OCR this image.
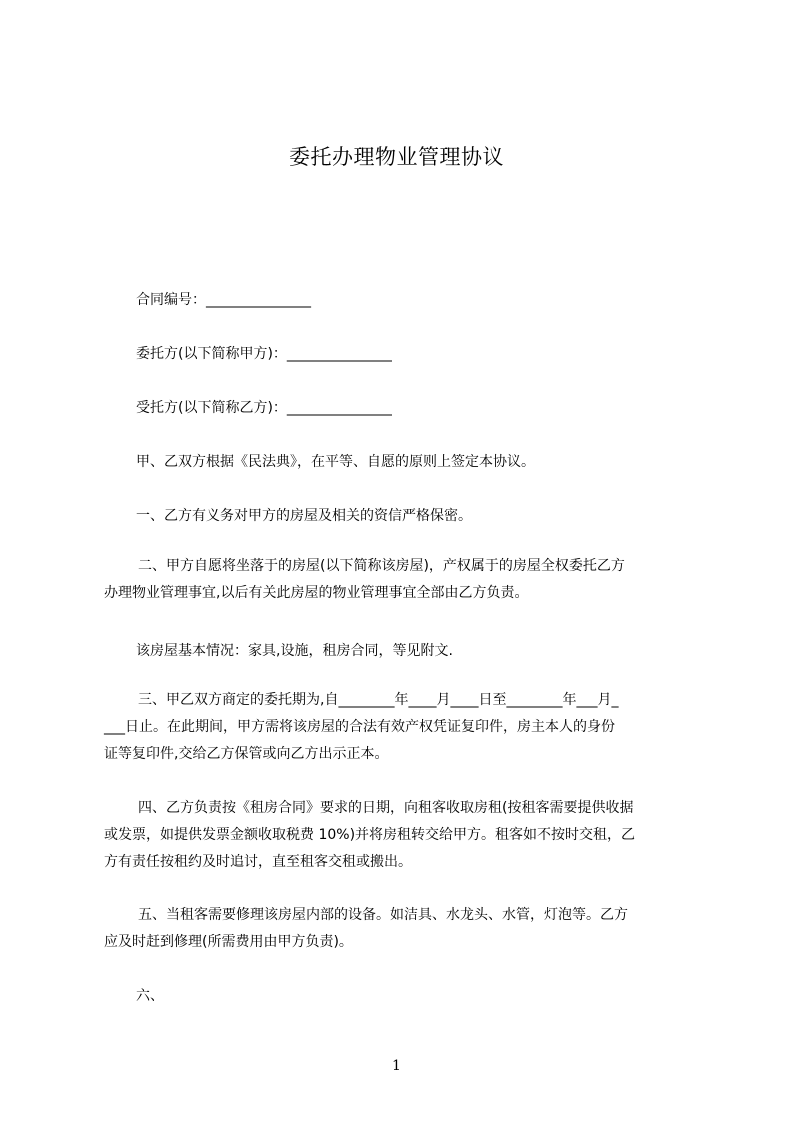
委托办理物业管理协议
合同编号：_______________
委托方(以下简称甲方)：_______________
受托方(以下简称乙方)：_______________
甲、乙双方根据《民法典》，在平等、自愿的原则上签定本协议。
一、乙方有义务对甲方的房屋及相关的资信严格保密。
二、甲方自愿将坐落于的房屋(以下简称该房屋)，产权属于的房屋全权委托乙方
办理物业管理事宜,以后有关此房屋的物业管理事宜全部由乙方负责。
该房屋基本情况：家具,设施，租房合同，等见附文.
三、甲乙双方商定的委托期为,自________年____月____日至________年___月_
___日止。在此期间，甲方需将该房屋的合法有效产权凭证复印件，房主本人的身份
证等复印件,交给乙方保管或向乙方出示正本。
四、乙方负责按《租房合同》要求的日期，向租客收取房租(按租客需要提供收据
或发票，如提供发票金额收取税费 10%)并将房租转交给甲方。租客如不按时交租，乙
方有责任按租约及时追讨，直至租客交租或搬出。
五、当租客需要修理该房屋内部的设备。如洁具、水龙头、水管，灯泡等。乙方
应及时赶到修理(所需费用由甲方负责)。
六、
1
